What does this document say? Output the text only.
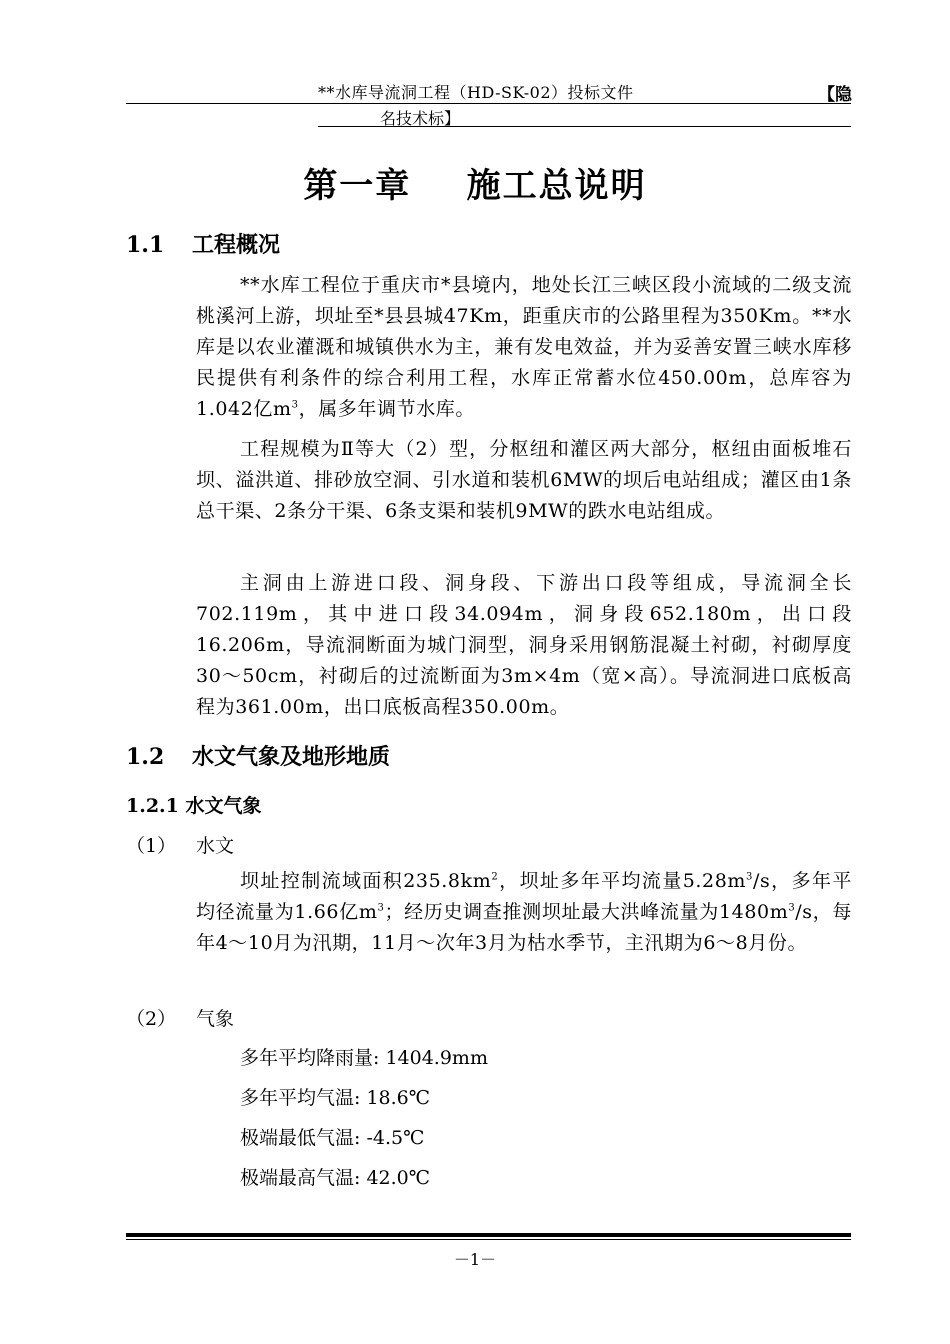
**水库导流洞工程（HD-SK-02）投标文件	【隐
名技术标】
第一章    施工总说明
1.1 工程概况
**水库工程位于重庆市*县境内，地处长江三峡区段小流域的二级支流桃溪河上游，坝址至*县县城47Km，距重庆市的公路里程为350Km。**水库是以农业灌溉和城镇供水为主，兼有发电效益，并为妥善安置三峡水库移民提供有利条件的综合利用工程，水库正常蓄水位450.00m，总库容为1.042亿$m^3$，属多年调节水库。
工程规模为Ⅱ等大（2）型，分枢纽和灌区两大部分，枢纽由面板堆石坝、溢洪道、排砂放空洞、引水道和装机6MW的坝后电站组成；灌区由1条总干渠、2条分干渠、6条支渠和装机9MW的跌水电站组成。
主洞由上游进口段、洞身段、下游出口段等组成，导流洞全长702.119m，其中进口段34.094m，洞身段652.180m，出口段16.206m，导流洞断面为城门洞型，洞身采用钢筋混凝土衬砌，衬砌厚度30～50cm，衬砌后的过流断面为3m×4m（宽×高）。导流洞进口底板高程为361.00m，出口底板高程350.00m。
1.2 水文气象及地形地质
1.2.1 水文气象
（1） 水文
坝址控制流域面积$235.8km^2$，坝址多年平均流量$5.28m^3/s$，多年平均径流量为1.66亿$m^3$；经历史调查推测坝址最大洪峰流量为$1480m^3/s$，每年4～10月为汛期，11月～次年3月为枯水季节，主汛期为6～8月份。
（2） 气象
多年平均降雨量: 1404.9mm
多年平均气温: 18.6℃
极端最低气温: -4.5℃
极端最高气温: 42.0℃
－1－
